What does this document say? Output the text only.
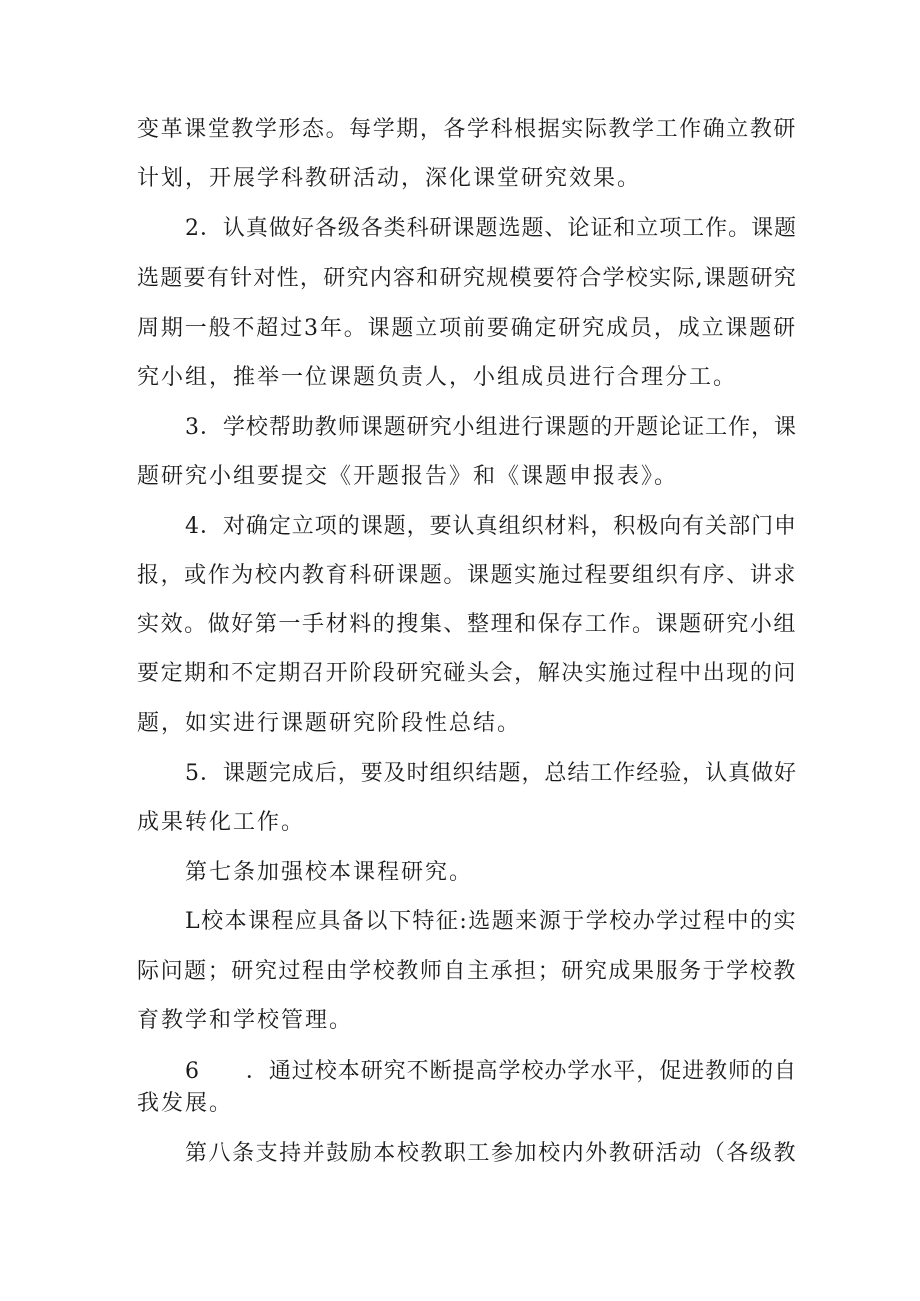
变革课堂教学形态。每学期，各学科根据实际教学工作确立教研
计划，开展学科教研活动，深化课堂研究效果。
2．认真做好各级各类科研课题选题、论证和立项工作。课题
选题要有针对性，研究内容和研究规模要符合学校实际,课题研究
周期一般不超过3年。课题立项前要确定研究成员，成立课题研
究小组，推举一位课题负责人，小组成员进行合理分工。
3．学校帮助教师课题研究小组进行课题的开题论证工作，课
题研究小组要提交《开题报告》和《课题申报表》。
4．对确定立项的课题，要认真组织材料，积极向有关部门申
报，或作为校内教育科研课题。课题实施过程要组织有序、讲求
实效。做好第一手材料的搜集、整理和保存工作。课题研究小组
要定期和不定期召开阶段研究碰头会，解决实施过程中出现的问
题，如实进行课题研究阶段性总结。
5．课题完成后，要及时组织结题，总结工作经验，认真做好
成果转化工作。
第七条加强校本课程研究。
L校本课程应具备以下特征:选题来源于学校办学过程中的实
际问题；研究过程由学校教师自主承担；研究成果服务于学校教
育教学和学校管理。
6　　．通过校本研究不断提高学校办学水平，促进教师的自
我发展。
第八条支持并鼓励本校教职工参加校内外教研活动（各级教
